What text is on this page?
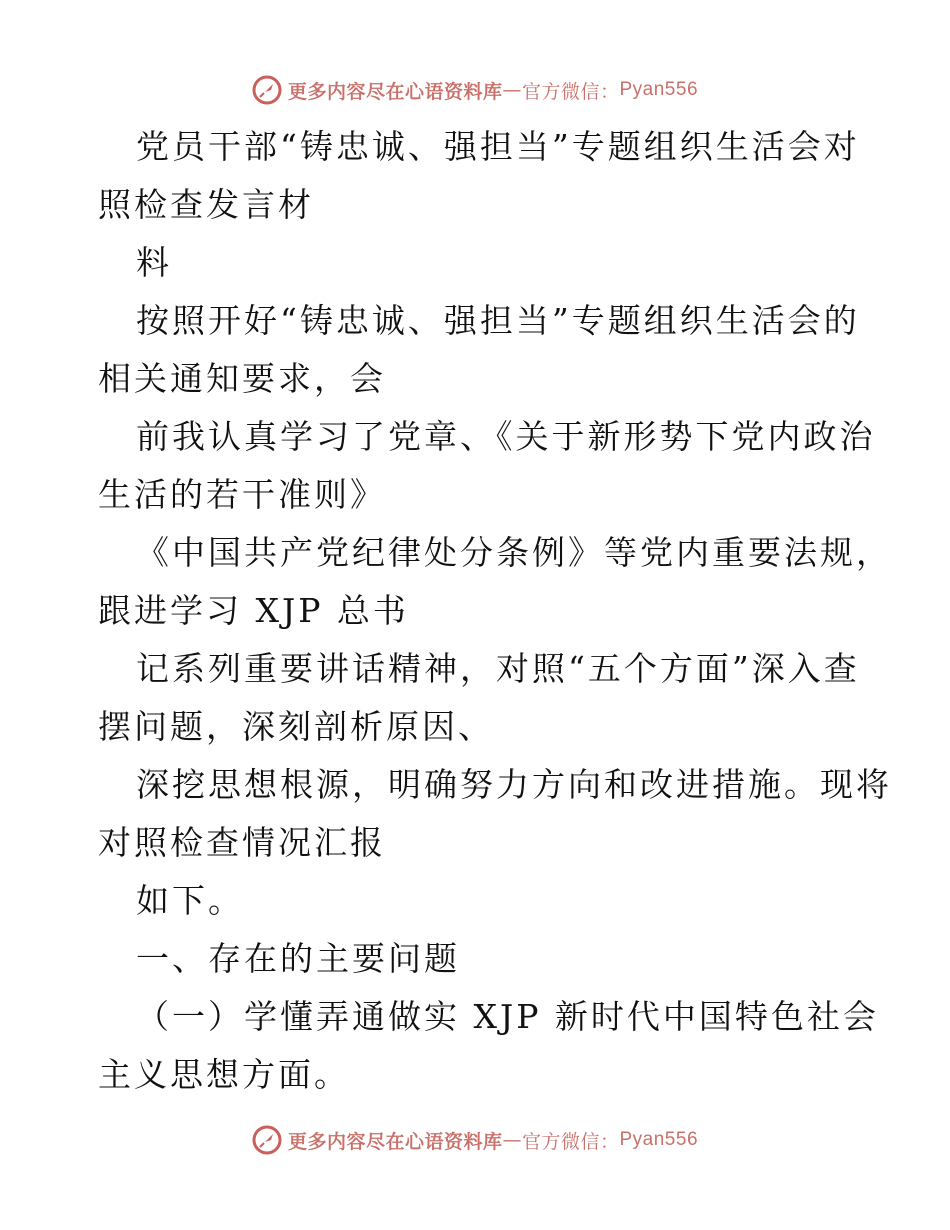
更多内容尽在心语资料库 — 官方微信： Pyan556
党员干部“铸忠诚、强担当”专题组织生活会对
照检查发言材
料
按照开好“铸忠诚、强担当”专题组织生活会的
相关通知要求，会
前我认真学习了党章、《关于新形势下党内政治
生活的若干准则》
《中国共产党纪律处分条例》等党内重要法规，
跟进学习 XJP 总书
记系列重要讲话精神，对照“五个方面”深入查
摆问题，深刻剖析原因、
深挖思想根源，明确努力方向和改进措施。现将
对照检查情况汇报
如下。
一、存在的主要问题
（一）学懂弄通做实 XJP 新时代中国特色社会
主义思想方面。
更多内容尽在心语资料库 — 官方微信： Pyan556
